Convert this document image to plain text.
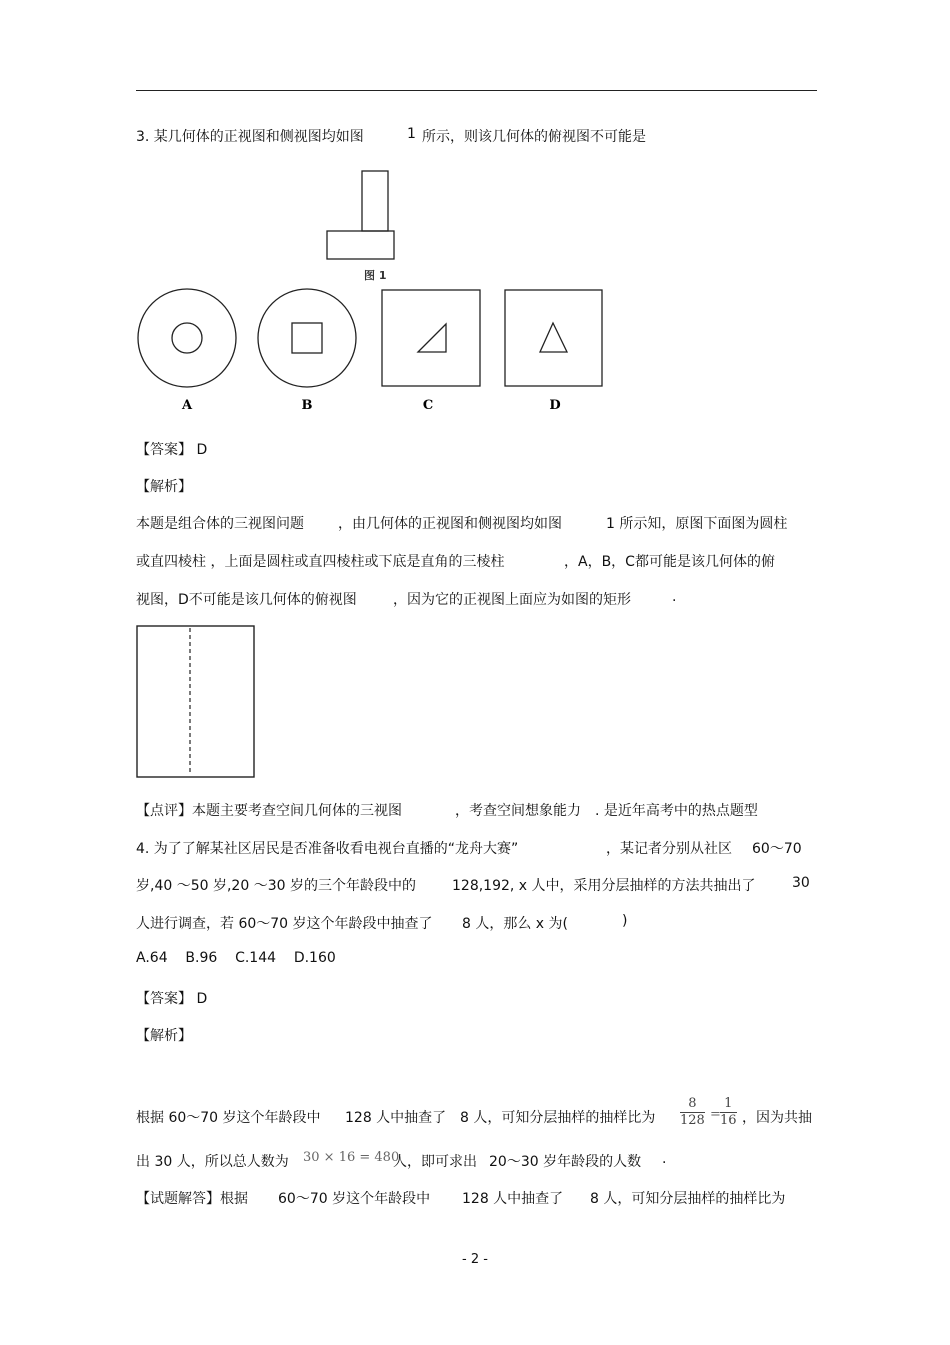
3. 某几何体的正视图和侧视图均如图	1 所示，则该几何体的俯视图不可能是
图 1
A	B	C	D
【答案】 D
【解析】
本题是组合体的三视图问题 ，由几何体的正视图和侧视图均如图	1 所示知，原图下面图为圆柱
或直四棱柱 ，上面是圆柱或直四棱柱或下底是直角的三棱柱	，A，B，C都可能是该几何体的俯
视图，D不可能是该几何体的俯视图	，因为它的正视图上面应为如图的矩形	.
【点评】本题主要考查空间几何体的三视图	，考查空间想象能力 . 是近年高考中的热点题型
4. 为了了解某社区居民是否准备收看电视台直播的“龙舟大赛”	，某记者分别从社区 60～70
岁,40 ～50 岁,20 ～30 岁的三个年龄段中的	128,192, x 人中，采用分层抽样的方法共抽出了	30
人进行调查，若 60～70 岁这个年龄段中抽查了 8 人，那么 x 为(	)
A.64    B.96    C.144    D.160
【答案】 D
【解析】
根据 60～70 岁这个年龄段中 128 人中抽查了 8 人，可知分层抽样的抽样比为 $\frac{8}{128} = \frac{1}{16}$ ，因为共抽
出 30 人，所以总人数为 30 × 16 = 480
人，即可求出 20～30 岁年龄段的人数 .
【试题解答】根据 60～70 岁这个年龄段中 128 人中抽查了 8 人，可知分层抽样的抽样比为
- 2 -
